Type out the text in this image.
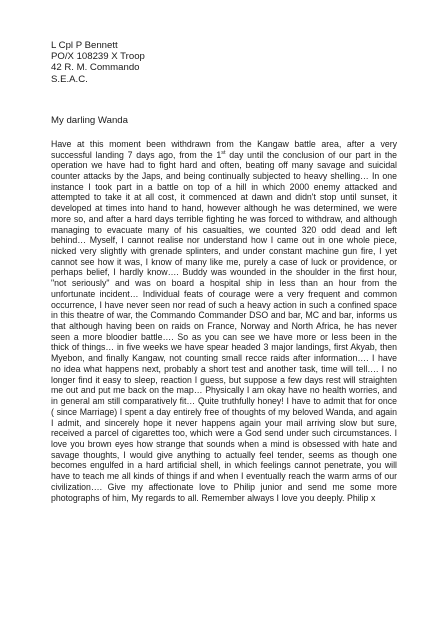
L Cpl P Bennett
PO/X 108239 X Troop
42 R. M. Commando
S.E.A.C.
My darling Wanda

Have at this moment been withdrawn from the Kangaw battle area, after a very successful landing 7 days ago, from the 1st day until the conclusion of our part in the operation we have had to fight hard and often, beating off many savage and suicidal counter attacks by the Japs, and being continually subjected to heavy shelling… In one instance I took part in a battle on top of a hill in which 2000 enemy attacked and attempted to take it at all cost, it commenced at dawn and didn't stop until sunset, it developed at times into hand to hand, however although he was determined, we were more so, and after a hard days terrible fighting he was forced to withdraw, and although managing to evacuate many of his casualties, we counted 320 odd dead and left behind… Myself, I cannot realise nor understand how I came out in one whole piece, nicked very slightly with grenade splinters, and under constant machine gun fire, I yet cannot see how it was, I know of many like me, purely a case of luck or providence, or perhaps belief, I hardly know…. Buddy was wounded in the shoulder in the first hour, "not seriously" and was on board a hospital ship in less than an hour from the unfortunate incident… Individual feats of courage were a very frequent and common occurrence, I have never seen nor read of such a heavy action in such a confined space in this theatre of war, the Commando Commander DSO and bar, MC and bar, informs us that although having been on raids on France, Norway and North Africa, he has never seen a more bloodier battle…. So as you can see we have more or less been in the thick of things… in five weeks we have spear headed 3 major landings, first Akyab, then Myebon, and finally Kangaw, not counting small recce raids after information…. I have no idea what happens next, probably a short test and another task, time will tell…. I no longer find it easy to sleep, reaction I guess, but suppose a few days rest will straighten me out and put me back on the map… Physically I am okay have no health worries, and in general am still comparatively fit… Quite truthfully honey! I have to admit that for once ( since Marriage) I spent a day entirely free of thoughts of my beloved Wanda, and again I admit, and sincerely hope it never happens again your mail arriving slow but sure, received a parcel of cigarettes too, which were a God send under such circumstances. I love you brown eyes how strange that sounds when a mind is obsessed with hate and savage thoughts, I would give anything to actually feel tender, seems as though one becomes engulfed in a hard artificial shell, in which feelings cannot penetrate, you will have to teach me all kinds of things if and when I eventually reach the warm arms of our civilization…. Give my affectionate love to Philip junior and send me some more photographs of him, My regards to all. Remember always I love you deeply. Philip x
